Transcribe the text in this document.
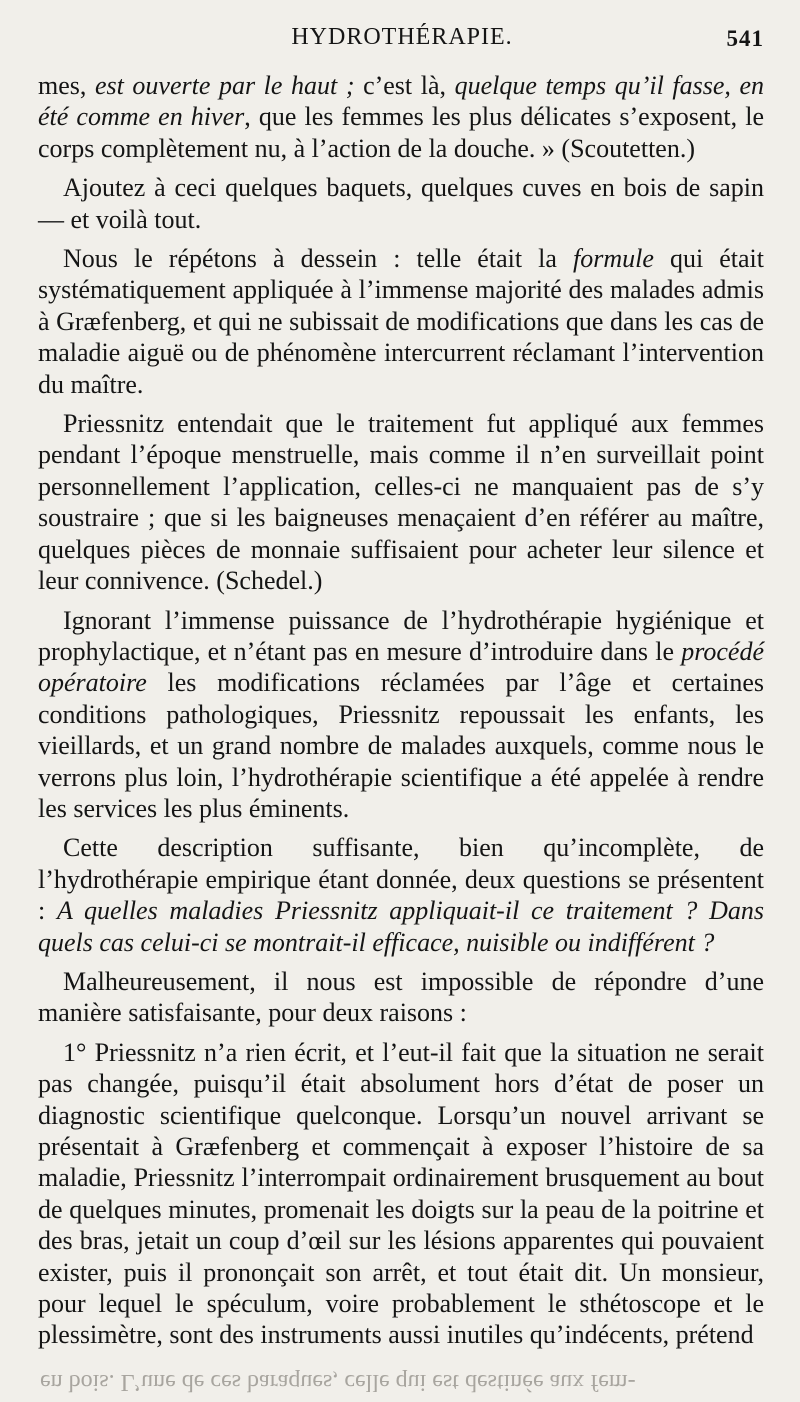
HYDROTHÉRAPIE.	541

mes, est ouverte par le haut ; c’est là, quelque temps qu’il fasse, en été comme en hiver, que les femmes les plus délicates s’exposent, le corps complètement nu, à l’action de la douche. » (Scoutetten.)

Ajoutez à ceci quelques baquets, quelques cuves en bois de sapin — et voilà tout.

Nous le répétons à dessein : telle était la formule qui était systématiquement appliquée à l’immense majorité des malades admis à Græfenberg, et qui ne subissait de modifications que dans les cas de maladie aiguë ou de phénomène intercurrent réclamant l’intervention du maître.

Priessnitz entendait que le traitement fut appliqué aux femmes pendant l’époque menstruelle, mais comme il n’en surveillait point personnellement l’application, celles-ci ne manquaient pas de s’y soustraire ; que si les baigneuses menaçaient d’en référer au maître, quelques pièces de monnaie suffisaient pour acheter leur silence et leur connivence. (Schedel.)

Ignorant l’immense puissance de l’hydrothérapie hygiénique et prophylactique, et n’étant pas en mesure d’introduire dans le procédé opératoire les modifications réclamées par l’âge et certaines conditions pathologiques, Priessnitz repoussait les enfants, les vieillards, et un grand nombre de malades auxquels, comme nous le verrons plus loin, l’hydrothérapie scientifique a été appelée à rendre les services les plus éminents.

Cette description suffisante, bien qu’incomplète, de l’hydrothérapie empirique étant donnée, deux questions se présentent : A quelles maladies Priessnitz appliquait-il ce traitement ? Dans quels cas celui-ci se montrait-il efficace, nuisible ou indifférent ?

Malheureusement, il nous est impossible de répondre d’une manière satisfaisante, pour deux raisons :

1° Priessnitz n’a rien écrit, et l’eut-il fait que la situation ne serait pas changée, puisqu’il était absolument hors d’état de poser un diagnostic scientifique quelconque. Lorsqu’un nouvel arrivant se présentait à Græfenberg et commençait à exposer l’histoire de sa maladie, Priessnitz l’interrompait ordinairement brusquement au bout de quelques minutes, promenait les doigts sur la peau de la poitrine et des bras, jetait un coup d’œil sur les lésions apparentes qui pouvaient exister, puis il prononçait son arrêt, et tout était dit. Un monsieur, pour lequel le spéculum, voire probablement le sthétoscope et le plessimètre, sont des instruments aussi inutiles qu’indécents, prétend

en bois. L’une de ces baraques, celle qui est destinée aux fem-
